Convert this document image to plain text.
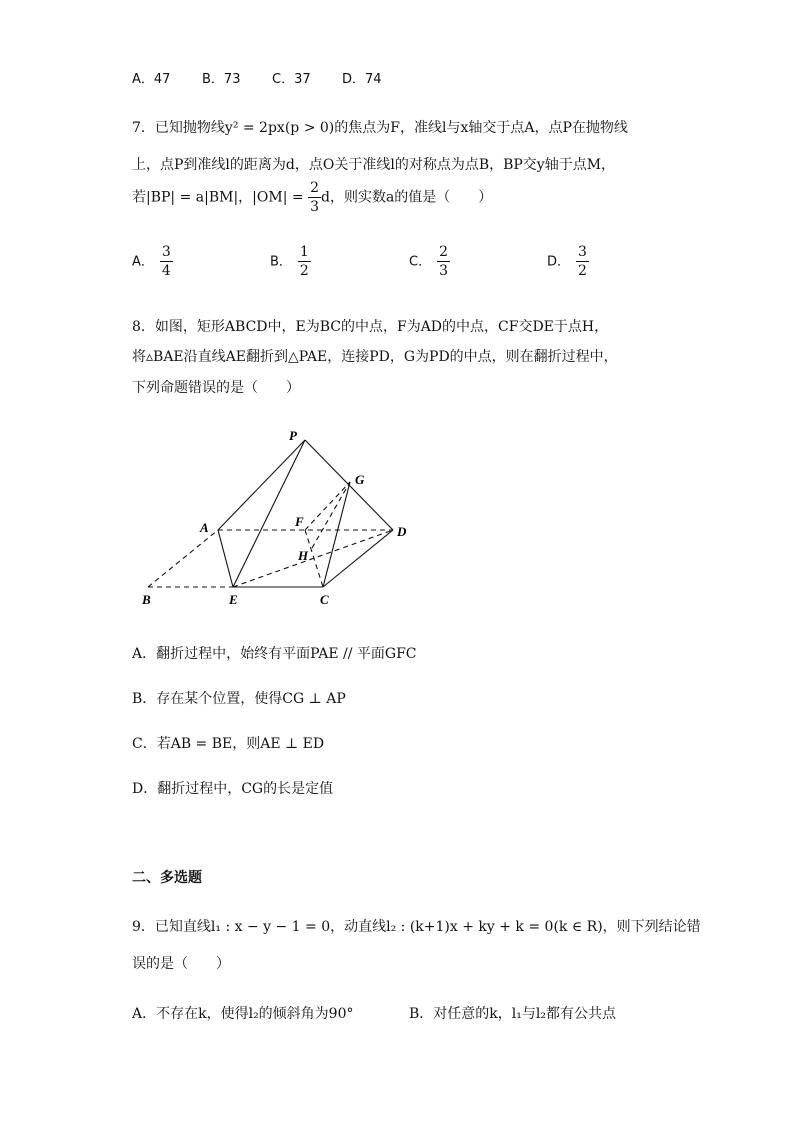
A．47 B．73 C．37 D．74
7．已知抛物线y² = 2px(p > 0)的焦点为F，准线l与x轴交于点A，点P在抛物线
上，点P到准线l的距离为d，点O关于准线l的对称点为点B，BP交y轴于点M，
若|BP| = a|BM|，$|OM| = \frac{2}{3}$ d，则实数a的值是（　　）
A． $\frac{3}{4}$	B． $\frac{1}{2}$	C． $\frac{2}{3}$	D． $\frac{3}{2}$
8．如图，矩形ABCD中，E为BC的中点，F为AD的中点，CF交DE于点H，
将▵BAE沿直线AE翻折到△PAE，连接PD，G为PD的中点，则在翻折过程中，
下列命题错误的是（　　）
P
G
A	F
D
H
B	E	C
A．翻折过程中，始终有平面PAE // 平面GFC
B．存在某个位置，使得CG ⊥ AP
C．若AB = BE，则AE ⊥ ED
D．翻折过程中，CG的长是定值
二、多选题
9．已知直线l₁ : x − y − 1 = 0，动直线l₂ : (k+1)x + ky + k = 0(k ∈ R)，则下列结论错
误的是（　　）
A．不存在k，使得l₂的倾斜角为90°	B．对任意的k，l₁与l₂都有公共点
